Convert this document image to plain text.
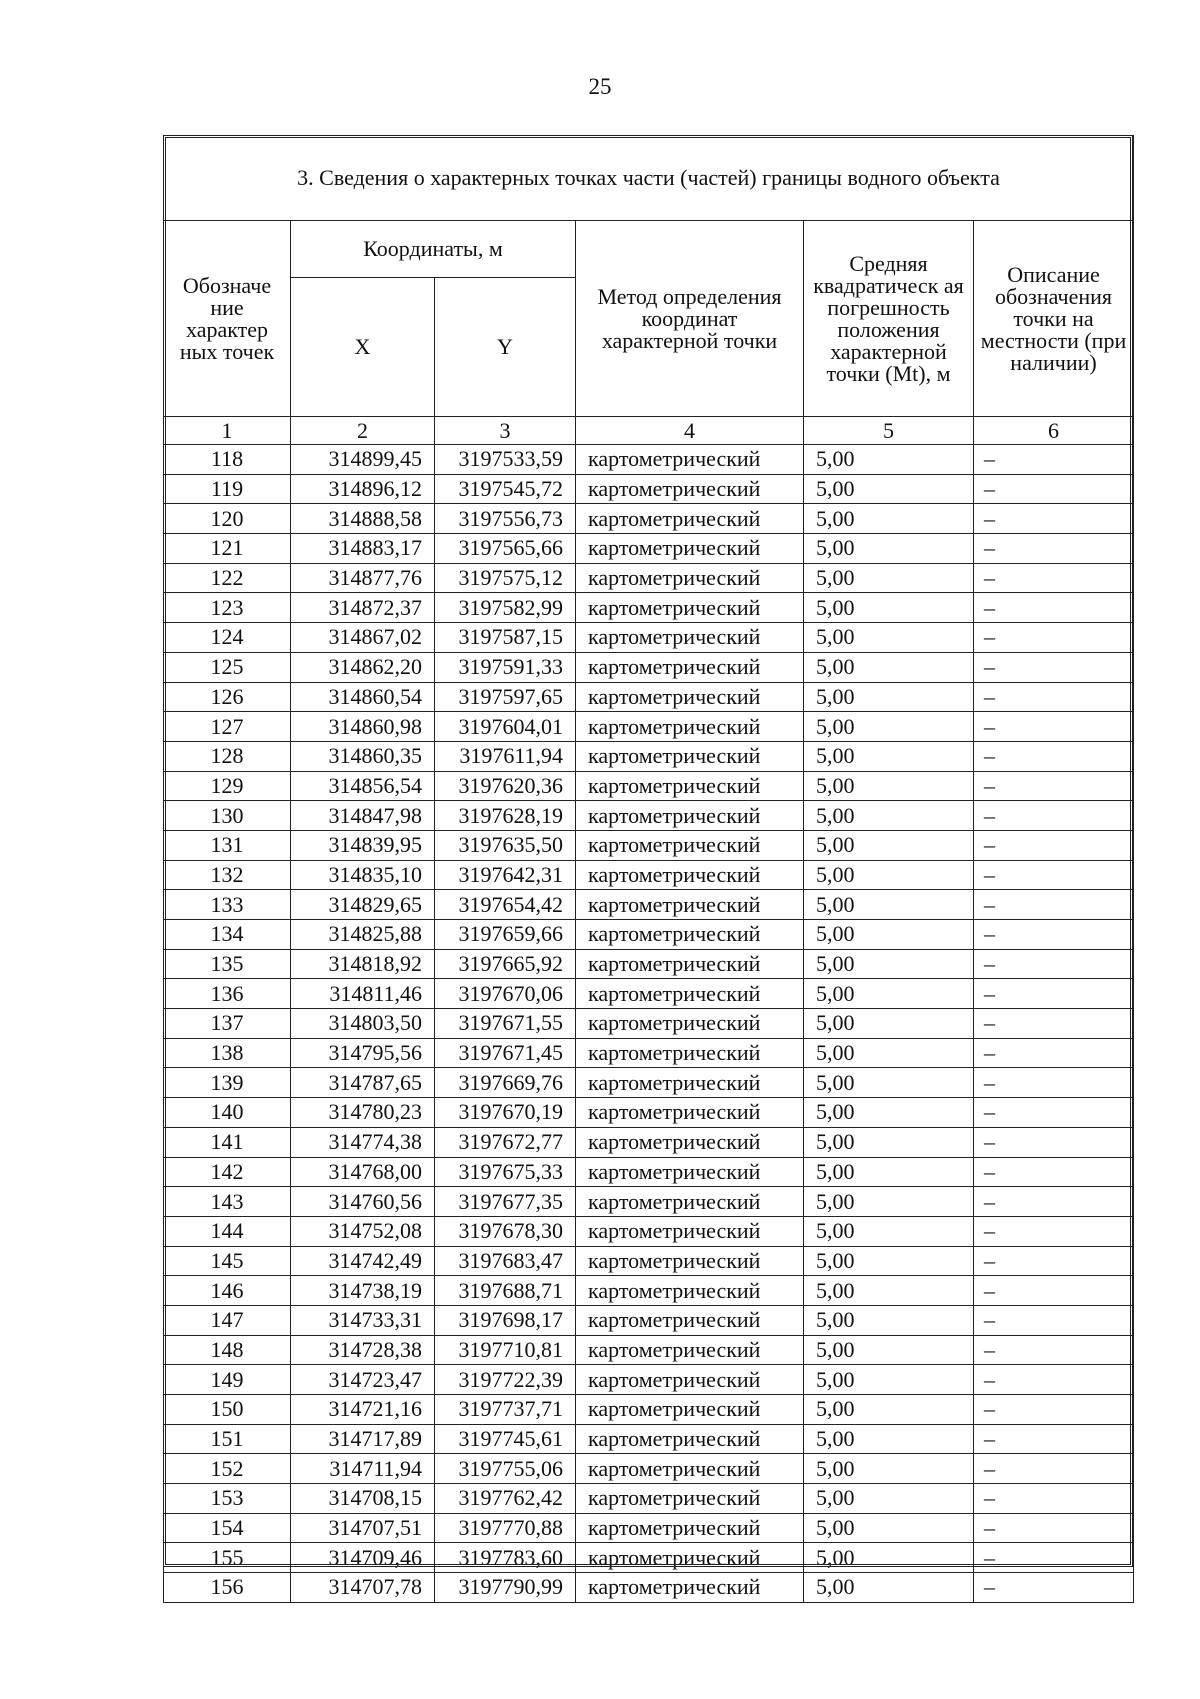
25
3. Сведения о характерных точках части (частей) границы водного объекта					
Обозначе ние характер ных точек	Координаты, м		Метод определения координат характерной точки	Средняя квадратическ ая погрешность положения характерной точки (Mt), м	Описание обозначения точки на местности (при наличии)
	X	Y			
1	2	3	4	5	6
118	314899,45	3197533,59	картометрический	5,00	–
119	314896,12	3197545,72	картометрический	5,00	–
120	314888,58	3197556,73	картометрический	5,00	–
121	314883,17	3197565,66	картометрический	5,00	–
122	314877,76	3197575,12	картометрический	5,00	–
123	314872,37	3197582,99	картометрический	5,00	–
124	314867,02	3197587,15	картометрический	5,00	–
125	314862,20	3197591,33	картометрический	5,00	–
126	314860,54	3197597,65	картометрический	5,00	–
127	314860,98	3197604,01	картометрический	5,00	–
128	314860,35	3197611,94	картометрический	5,00	–
129	314856,54	3197620,36	картометрический	5,00	–
130	314847,98	3197628,19	картометрический	5,00	–
131	314839,95	3197635,50	картометрический	5,00	–
132	314835,10	3197642,31	картометрический	5,00	–
133	314829,65	3197654,42	картометрический	5,00	–
134	314825,88	3197659,66	картометрический	5,00	–
135	314818,92	3197665,92	картометрический	5,00	–
136	314811,46	3197670,06	картометрический	5,00	–
137	314803,50	3197671,55	картометрический	5,00	–
138	314795,56	3197671,45	картометрический	5,00	–
139	314787,65	3197669,76	картометрический	5,00	–
140	314780,23	3197670,19	картометрический	5,00	–
141	314774,38	3197672,77	картометрический	5,00	–
142	314768,00	3197675,33	картометрический	5,00	–
143	314760,56	3197677,35	картометрический	5,00	–
144	314752,08	3197678,30	картометрический	5,00	–
145	314742,49	3197683,47	картометрический	5,00	–
146	314738,19	3197688,71	картометрический	5,00	–
147	314733,31	3197698,17	картометрический	5,00	–
148	314728,38	3197710,81	картометрический	5,00	–
149	314723,47	3197722,39	картометрический	5,00	–
150	314721,16	3197737,71	картометрический	5,00	–
151	314717,89	3197745,61	картометрический	5,00	–
152	314711,94	3197755,06	картометрический	5,00	–
153	314708,15	3197762,42	картометрический	5,00	–
154	314707,51	3197770,88	картометрический	5,00	–
155	314709,46	3197783,60	картометрический	5,00	–
156	314707,78	3197790,99	картометрический	5,00	–
